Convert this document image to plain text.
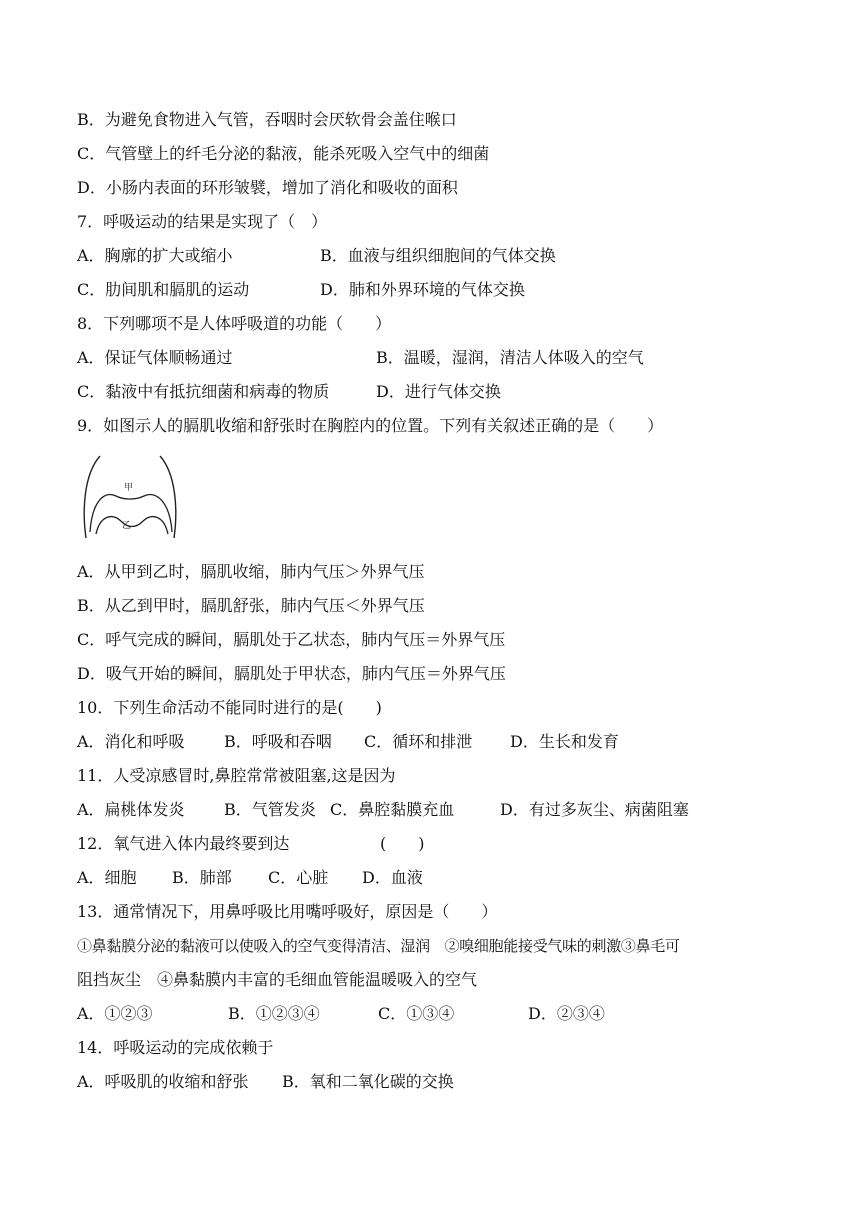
B．为避免食物进入气管，吞咽时会厌软骨会盖住喉口
C．气管壁上的纤毛分泌的黏液，能杀死吸入空气中的细菌
D．小肠内表面的环形皱襞，增加了消化和吸收的面积
7．呼吸运动的结果是实现了（　）
A．胸廓的扩大或缩小	B．血液与组织细胞间的气体交换
C．肋间肌和膈肌的运动	D．肺和外界环境的气体交换
8．下列哪项不是人体呼吸道的功能（　　）
A．保证气体顺畅通过	B．温暖，湿润，清洁人体吸入的空气
C．黏液中有抵抗细菌和病毒的物质	D．进行气体交换
9．如图示人的膈肌收缩和舒张时在胸腔内的位置。下列有关叙述正确的是（　　）
甲
乙
A．从甲到乙时，膈肌收缩，肺内气压＞外界气压
B．从乙到甲时，膈肌舒张，肺内气压＜外界气压
C．呼气完成的瞬间，膈肌处于乙状态，肺内气压＝外界气压
D．吸气开始的瞬间，膈肌处于甲状态，肺内气压＝外界气压
10．下列生命活动不能同时进行的是(　　)
A．消化和呼吸 B．呼吸和吞咽 C．循环和排泄 D．生长和发育
11．人受凉感冒时,鼻腔常常被阻塞,这是因为
A．扁桃体发炎 B．气管发炎 C．鼻腔黏膜充血	D．有过多灰尘、病菌阻塞
12．氧气进入体内最终要到达	(　　)
A．细胞 B．肺部 C．心脏 D．血液
13．通常情况下，用鼻呼吸比用嘴呼吸好，原因是（　　）
①鼻黏膜分泌的黏液可以使吸入的空气变得清洁、湿润　②嗅细胞能接受气味的刺激③鼻毛可
阻挡灰尘　④鼻黏膜内丰富的毛细血管能温暖吸入的空气
A．①②③	B．①②③④	C．①③④	D．②③④
14．呼吸运动的完成依赖于
A．呼吸肌的收缩和舒张 B．氧和二氧化碳的交换
